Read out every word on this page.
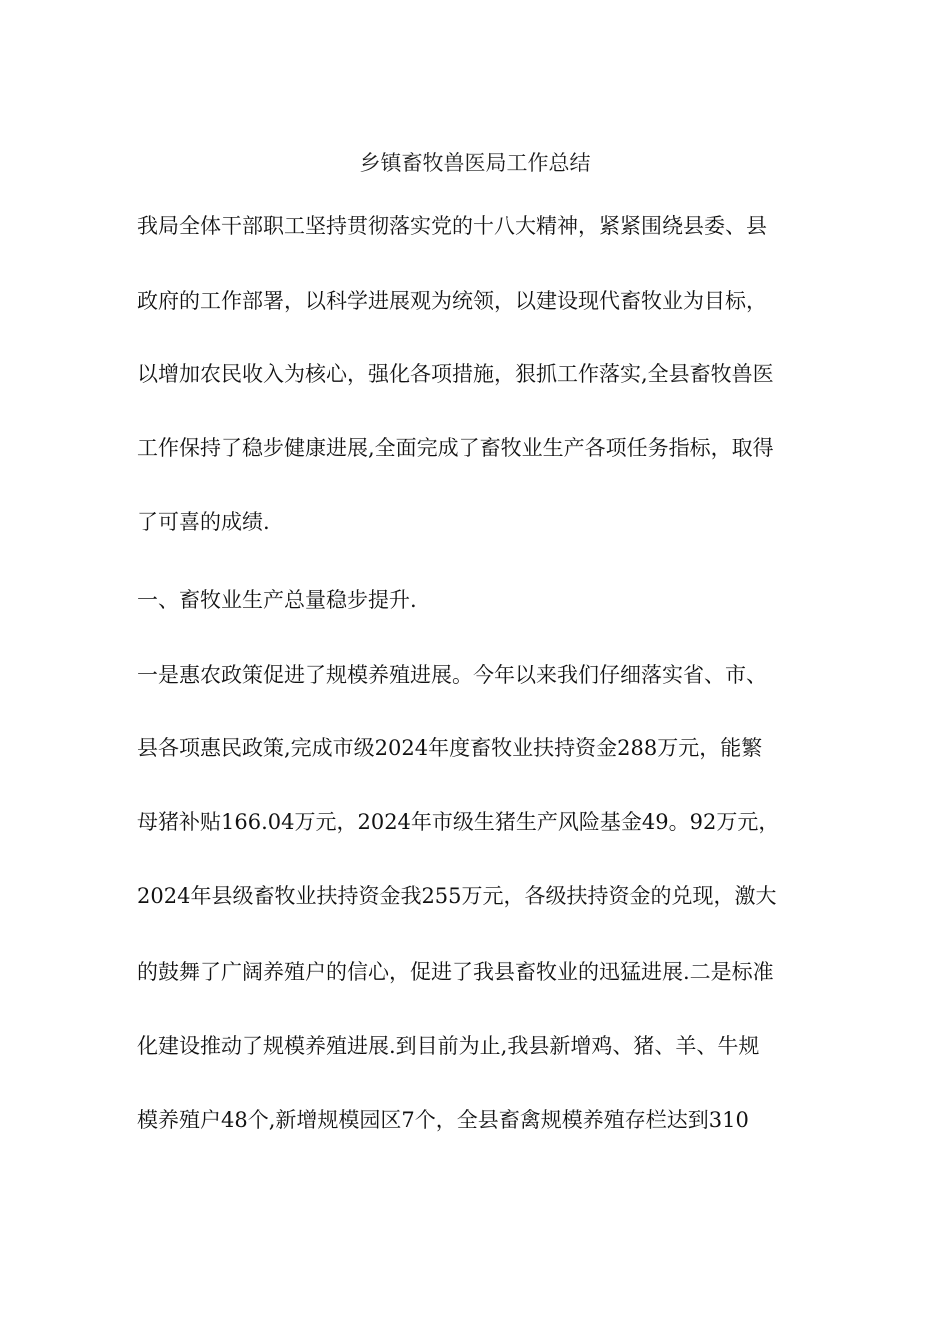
乡镇畜牧兽医局工作总结
我局全体干部职工坚持贯彻落实党的十八大精神，紧紧围绕县委、县
政府的工作部署，以科学进展观为统领，以建设现代畜牧业为目标，
以增加农民收入为核心，强化各项措施，狠抓工作落实,全县畜牧兽医
工作保持了稳步健康进展,全面完成了畜牧业生产各项任务指标，取得
了可喜的成绩.
一、畜牧业生产总量稳步提升.
一是惠农政策促进了规模养殖进展。今年以来我们仔细落实省、市、
县各项惠民政策,完成市级2024年度畜牧业扶持资金288万元，能繁
母猪补贴166.04万元，2024年市级生猪生产风险基金49。92万元，
2024年县级畜牧业扶持资金我255万元，各级扶持资金的兑现，激大
的鼓舞了广阔养殖户的信心，促进了我县畜牧业的迅猛进展.二是标准
化建设推动了规模养殖进展.到目前为止,我县新增鸡、猪、羊、牛规
模养殖户48个,新增规模园区7个，全县畜禽规模养殖存栏达到310
